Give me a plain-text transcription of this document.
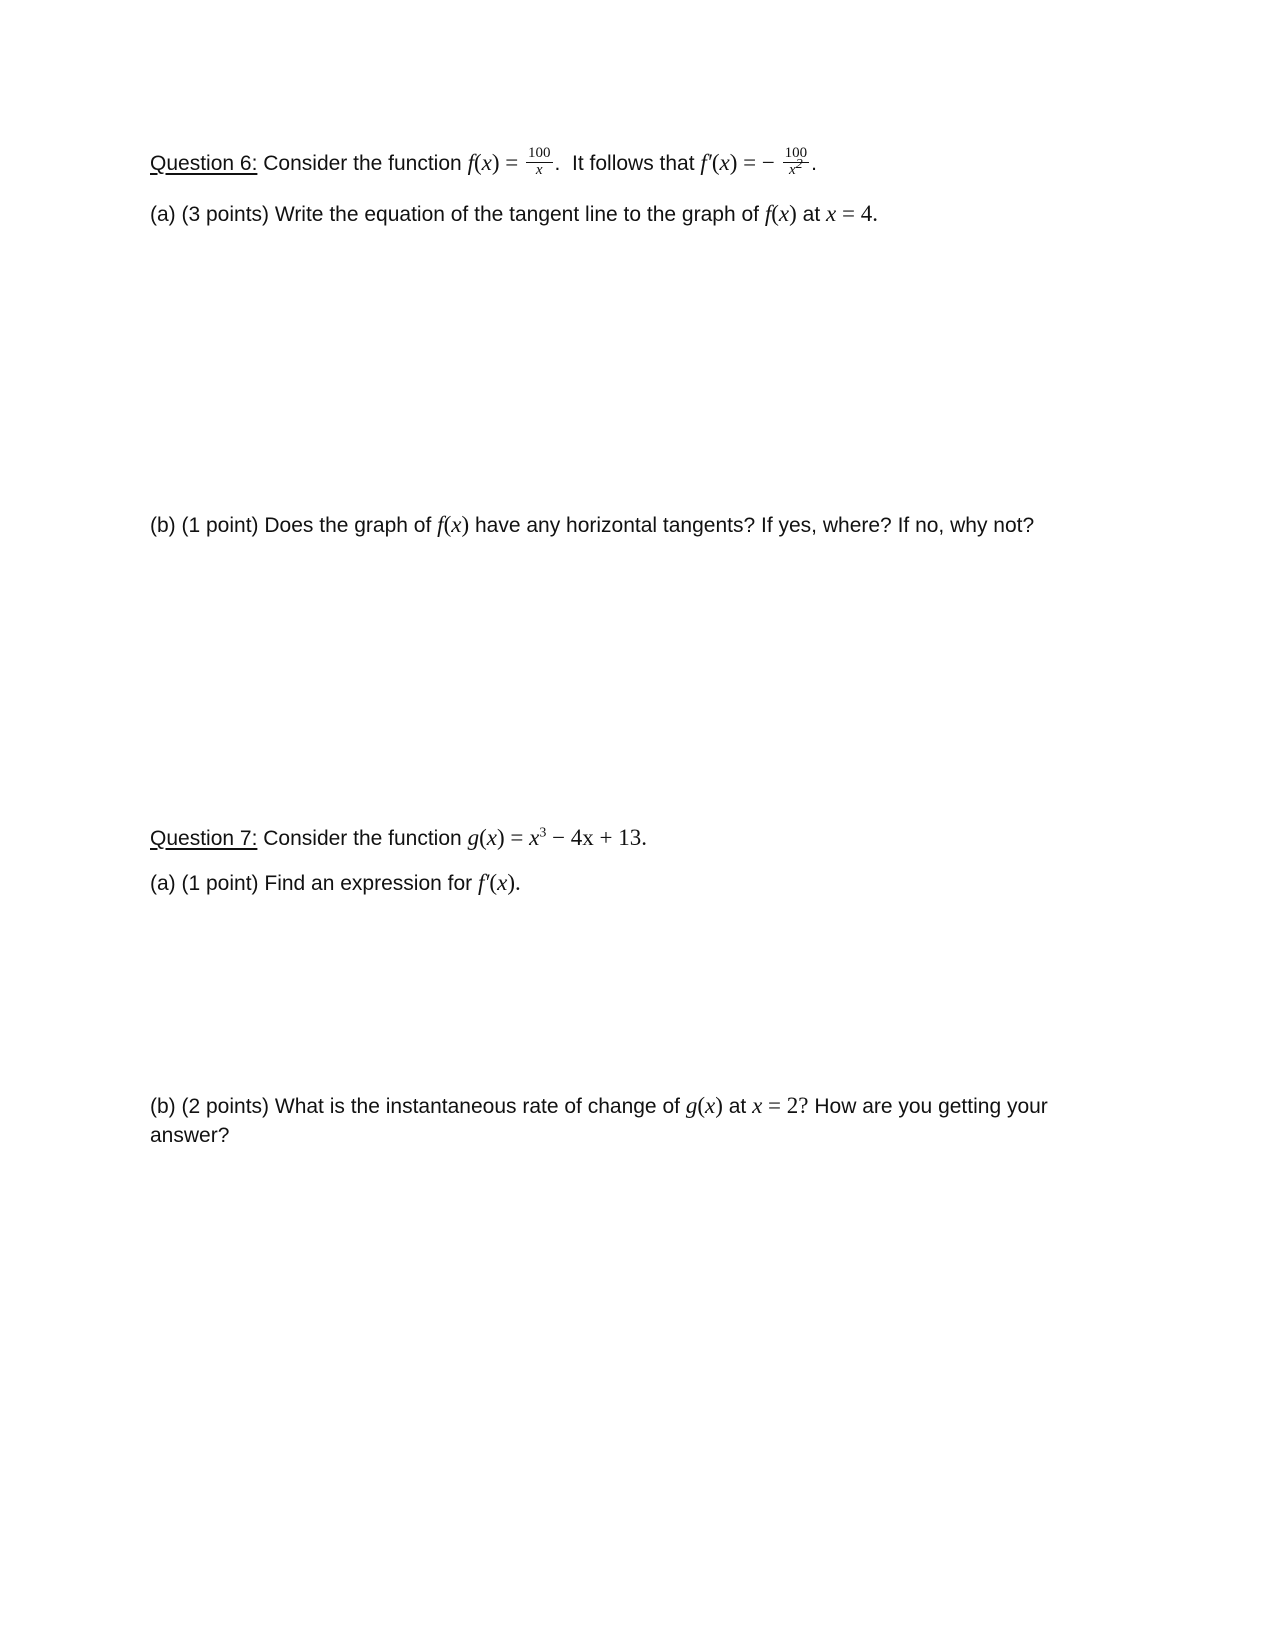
Question 6: Consider the function $f(x) = \frac{100}{x}$ .  It follows that f′(x) = − $\frac{100}{x^2}$ .
(a) (3 points) Write the equation of the tangent line to the graph of f(x) at x = 4.
(b) (1 point) Does the graph of f(x) have any horizontal tangents? If yes, where? If no, why not?
Question 7: Consider the function $g(x) = x^3 - 4x + 13$.
(a) (1 point) Find an expression for f′(x).
(b) (2 points) What is the instantaneous rate of change of g(x) at x = 2? How are you getting your answer?
